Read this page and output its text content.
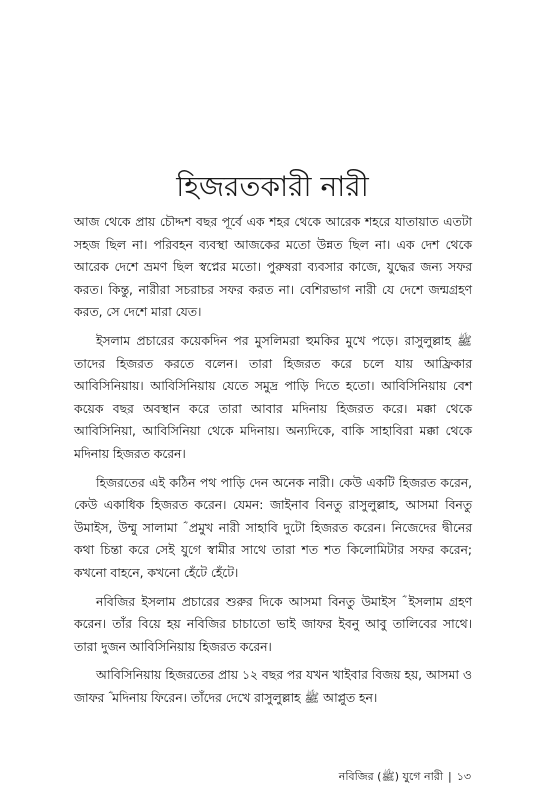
হিজরতকারী নারী

আজ থেকে প্রায় চৌদ্দশ বছর পূর্বে এক শহর থেকে আরেক শহরে যাতায়াত এতটা সহজ ছিল না। পরিবহন ব্যবস্থা আজকের মতো উন্নত ছিল না। এক দেশ থেকে আরেক দেশে ভ্রমণ ছিল স্বপ্নের মতো। পুরুষরা ব্যবসার কাজে, যুদ্ধের জন্য সফর করত। কিন্তু, নারীরা সচরাচর সফর করত না। বেশিরভাগ নারী যে দেশে জন্মগ্রহণ করত, সে দেশে মারা যেত।

ইসলাম প্রচারের কয়েকদিন পর মুসলিমরা হুমকির মুখে পড়ে। রাসুলুল্লাহ ﷺ তাদের হিজরত করতে বলেন। তারা হিজরত করে চলে যায় আফ্রিকার আবিসিনিয়ায়। আবিসিনিয়ায় যেতে সমুদ্র পাড়ি দিতে হতো। আবিসিনিয়ায় বেশ কয়েক বছর অবস্থান করে তারা আবার মদিনায় হিজরত করে। মক্কা থেকে আবিসিনিয়া, আবিসিনিয়া থেকে মদিনায়। অন্যদিকে, বাকি সাহাবিরা মক্কা থেকে মদিনায় হিজরত করেন।

হিজরতের এই কঠিন পথ পাড়ি দেন অনেক নারী। কেউ একটি হিজরত করেন, কেউ একাধিক হিজরত করেন। যেমন: জাইনাব বিনতু রাসুলুল্লাহ, আসমা বিনতু উমাইস, উম্মু সালামা ؓ প্রমুখ নারী সাহাবি দুটো হিজরত করেন। নিজেদের দ্বীনের কথা চিন্তা করে সেই যুগে স্বামীর সাথে তারা শত শত কিলোমিটার সফর করেন; কখনো বাহনে, কখনো হেঁটে হেঁটে।

নবিজির ইসলাম প্রচারের শুরুর দিকে আসমা বিনতু উমাইস ؓ ইসলাম গ্রহণ করেন। তাঁর বিয়ে হয় নবিজির চাচাতো ভাই জাফর ইবনু আবু তালিবের সাথে। তারা দুজন আবিসিনিয়ায় হিজরত করেন।

আবিসিনিয়ায় হিজরতের প্রায় ১২ বছর পর যখন খাইবার বিজয় হয়, আসমা ও জাফর ؓ মদিনায় ফিরেন। তাঁদের দেখে রাসুলুল্লাহ ﷺ আপ্লুত হন।

নবিজির (ﷺ) যুগে নারী | ১৩
